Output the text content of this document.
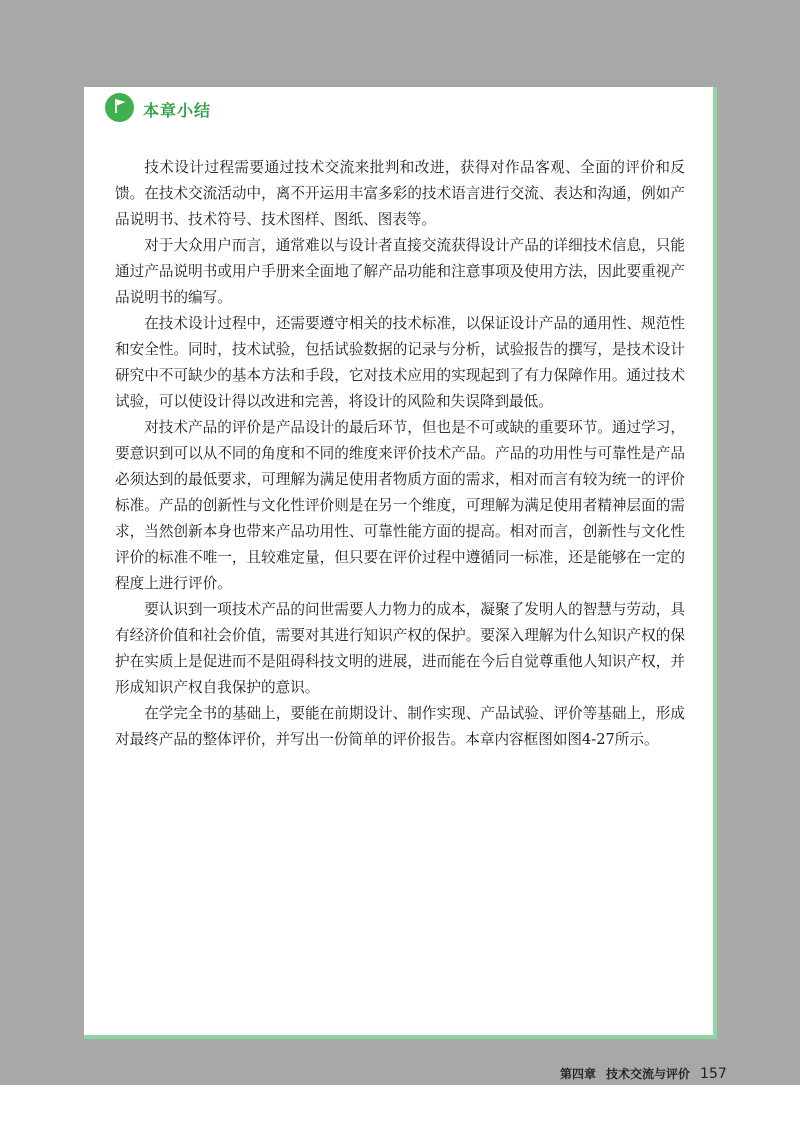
本章小结

技术设计过程需要通过技术交流来批判和改进，获得对作品客观、全面的评价和反馈。在技术交流活动中，离不开运用丰富多彩的技术语言进行交流、表达和沟通，例如产品说明书、技术符号、技术图样、图纸、图表等。

对于大众用户而言，通常难以与设计者直接交流获得设计产品的详细技术信息，只能通过产品说明书或用户手册来全面地了解产品功能和注意事项及使用方法，因此要重视产品说明书的编写。

在技术设计过程中，还需要遵守相关的技术标准，以保证设计产品的通用性、规范性和安全性。同时，技术试验，包括试验数据的记录与分析，试验报告的撰写，是技术设计研究中不可缺少的基本方法和手段，它对技术应用的实现起到了有力保障作用。通过技术试验，可以使设计得以改进和完善，将设计的风险和失误降到最低。

对技术产品的评价是产品设计的最后环节，但也是不可或缺的重要环节。通过学习，要意识到可以从不同的角度和不同的维度来评价技术产品。产品的功用性与可靠性是产品必须达到的最低要求，可理解为满足使用者物质方面的需求，相对而言有较为统一的评价标准。产品的创新性与文化性评价则是在另一个维度，可理解为满足使用者精神层面的需求，当然创新本身也带来产品功用性、可靠性能方面的提高。相对而言，创新性与文化性评价的标准不唯一，且较难定量，但只要在评价过程中遵循同一标准，还是能够在一定的程度上进行评价。

要认识到一项技术产品的问世需要人力物力的成本，凝聚了发明人的智慧与劳动，具有经济价值和社会价值，需要对其进行知识产权的保护。要深入理解为什么知识产权的保护在实质上是促进而不是阻碍科技文明的进展，进而能在今后自觉尊重他人知识产权，并形成知识产权自我保护的意识。

在学完全书的基础上，要能在前期设计、制作实现、产品试验、评价等基础上，形成对最终产品的整体评价，并写出一份简单的评价报告。本章内容框图如图4-27所示。

第四章 技术交流与评价 157
